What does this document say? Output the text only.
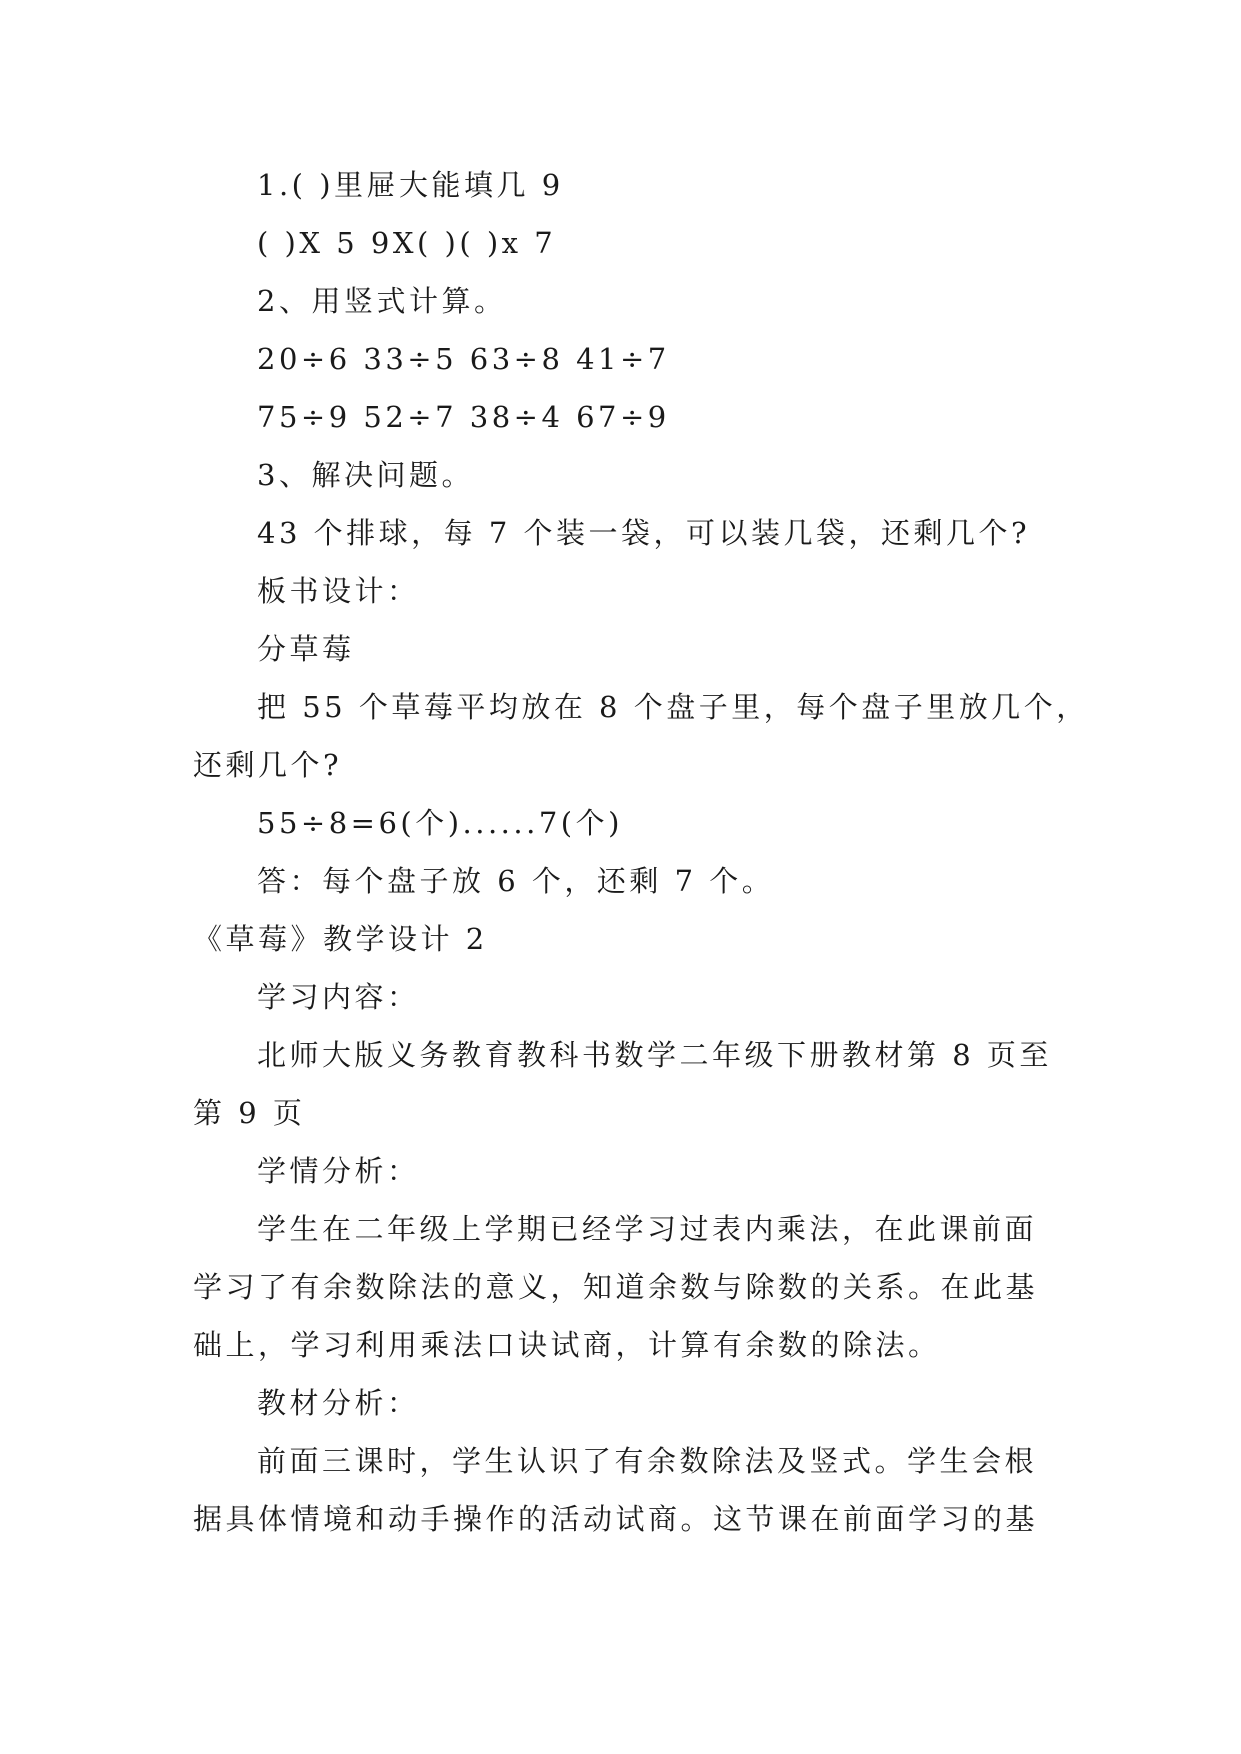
1.( )里屉大能填几 9
( )X 5 9X( )( )x 7
2、用竖式计算。
20÷6 33÷5 63÷8 41÷7
75÷9 52÷7 38÷4 67÷9
3、解决问题。
43 个排球，每 7 个装一袋，可以装几袋，还剩几个?
板书设计：
分草莓
把 55 个草莓平均放在 8 个盘子里，每个盘子里放几个，
还剩几个?
55÷8=6(个)......7(个)
答：每个盘子放 6 个，还剩 7 个。
《草莓》教学设计 2
学习内容：
北师大版义务教育教科书数学二年级下册教材第 8 页至
第 9 页
学情分析：
学生在二年级上学期已经学习过表内乘法，在此课前面
学习了有余数除法的意义，知道余数与除数的关系。在此基
础上，学习利用乘法口诀试商，计算有余数的除法。
教材分析：
前面三课时，学生认识了有余数除法及竖式。学生会根
据具体情境和动手操作的活动试商。这节课在前面学习的基
